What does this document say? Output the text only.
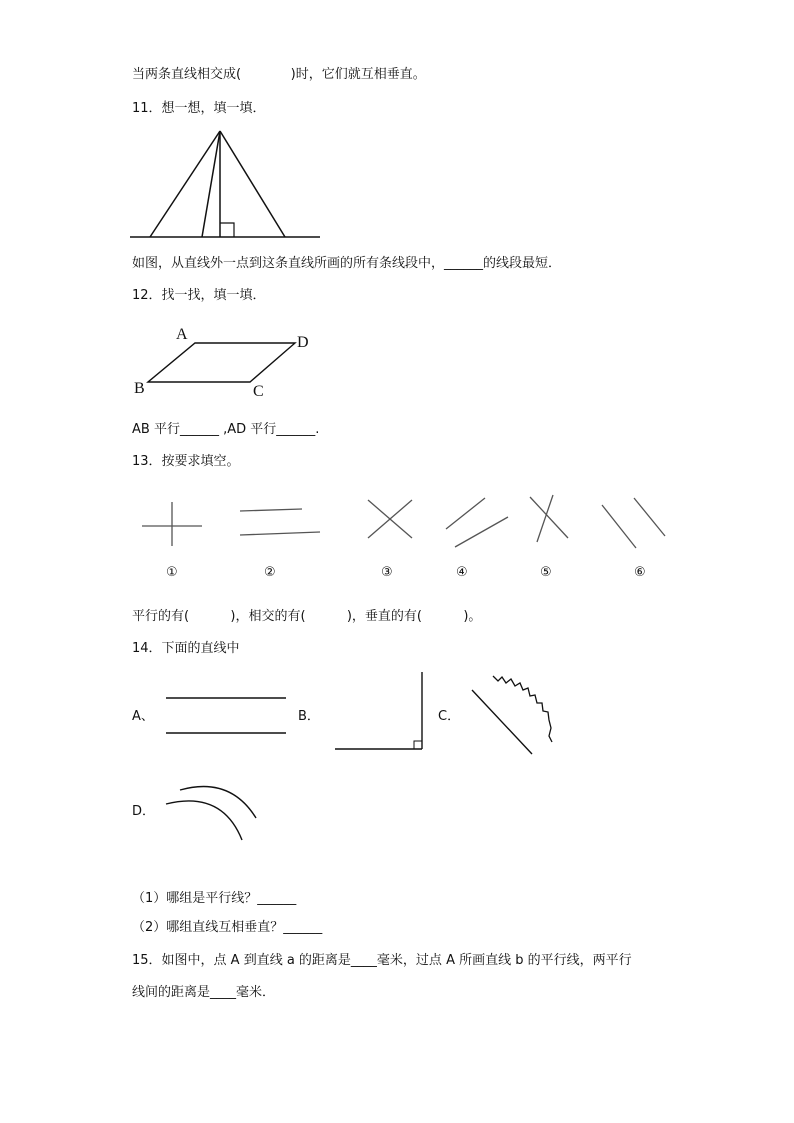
当两条直线相交成(            )时，它们就互相垂直。
11．想一想，填一填．
如图，从直线外一点到这条直线所画的所有条线段中，______的线段最短．
12．找一找，填一填．
A	D
B	C
AB 平行______ ,AD 平行______.
13．按要求填空。
①	②	③	④	⑤	⑥
平行的有(          )，相交的有(          )，垂直的有(          )。
14．下面的直线中
A、	B．	C．
D．
（1）哪组是平行线？______
（2）哪组直线互相垂直？______
15．如图中，点 A 到直线 a 的距离是____毫米，过点 A 所画直线 b 的平行线，两平行
线间的距离是____毫米．
